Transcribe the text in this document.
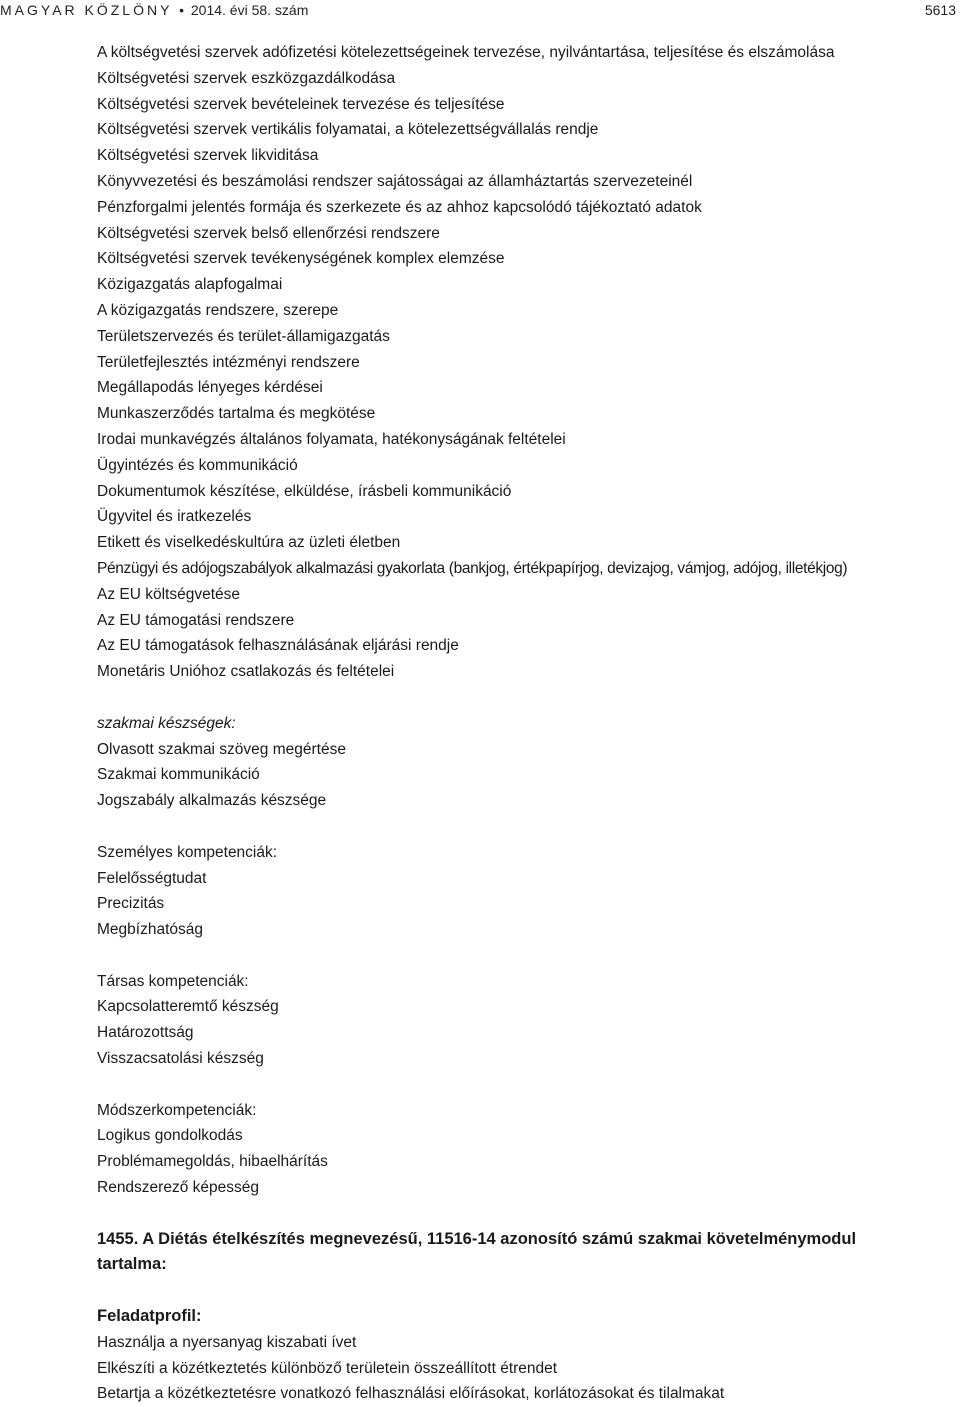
MAGYAR KÖZLÖNY • 2014. évi 58. szám	5613
A költségvetési szervek adófizetési kötelezettségeinek tervezése, nyilvántartása, teljesítése és elszámolása
Költségvetési szervek eszközgazdálkodása
Költségvetési szervek bevételeinek tervezése és teljesítése
Költségvetési szervek vertikális folyamatai, a kötelezettségvállalás rendje
Költségvetési szervek likviditása
Könyvvezetési és beszámolási rendszer sajátosságai az államháztartás szervezeteinél
Pénzforgalmi jelentés formája és szerkezete és az ahhoz kapcsolódó tájékoztató adatok
Költségvetési szervek belső ellenőrzési rendszere
Költségvetési szervek tevékenységének komplex elemzése
Közigazgatás alapfogalmai
A közigazgatás rendszere, szerepe
Területszervezés és terület-államigazgatás
Területfejlesztés intézményi rendszere
Megállapodás lényeges kérdései
Munkaszerződés tartalma és megkötése
Irodai munkavégzés általános folyamata, hatékonyságának feltételei
Ügyintézés és kommunikáció
Dokumentumok készítése, elküldése, írásbeli kommunikáció
Ügyvitel és iratkezelés
Etikett és viselkedéskultúra az üzleti életben
Pénzügyi és adójogszabályok alkalmazási gyakorlata (bankjog, értékpapírjog, devizajog, vámjog, adójog, illetékjog)
Az EU költségvetése
Az EU támogatási rendszere
Az EU támogatások felhasználásának eljárási rendje
Monetáris Unióhoz csatlakozás és feltételei
szakmai készségek:
Olvasott szakmai szöveg megértése
Szakmai kommunikáció
Jogszabály alkalmazás készsége
Személyes kompetenciák:
Felelősségtudat
Precizitás
Megbízhatóság
Társas kompetenciák:
Kapcsolatteremtő készség
Határozottság
Visszacsatolási készség
Módszerkompetenciák:
Logikus gondolkodás
Problémamegoldás, hibaelhárítás
Rendszerező képesség
1455. A Diétás ételkészítés megnevezésű, 11516-14 azonosító számú szakmai követelménymodul tartalma:
Feladatprofil:
Használja a nyersanyag kiszabati ívet
Elkészíti a közétkeztetés különböző területein összeállított étrendet
Betartja a közétkeztetésre vonatkozó felhasználási előírásokat, korlátozásokat és tilalmakat
